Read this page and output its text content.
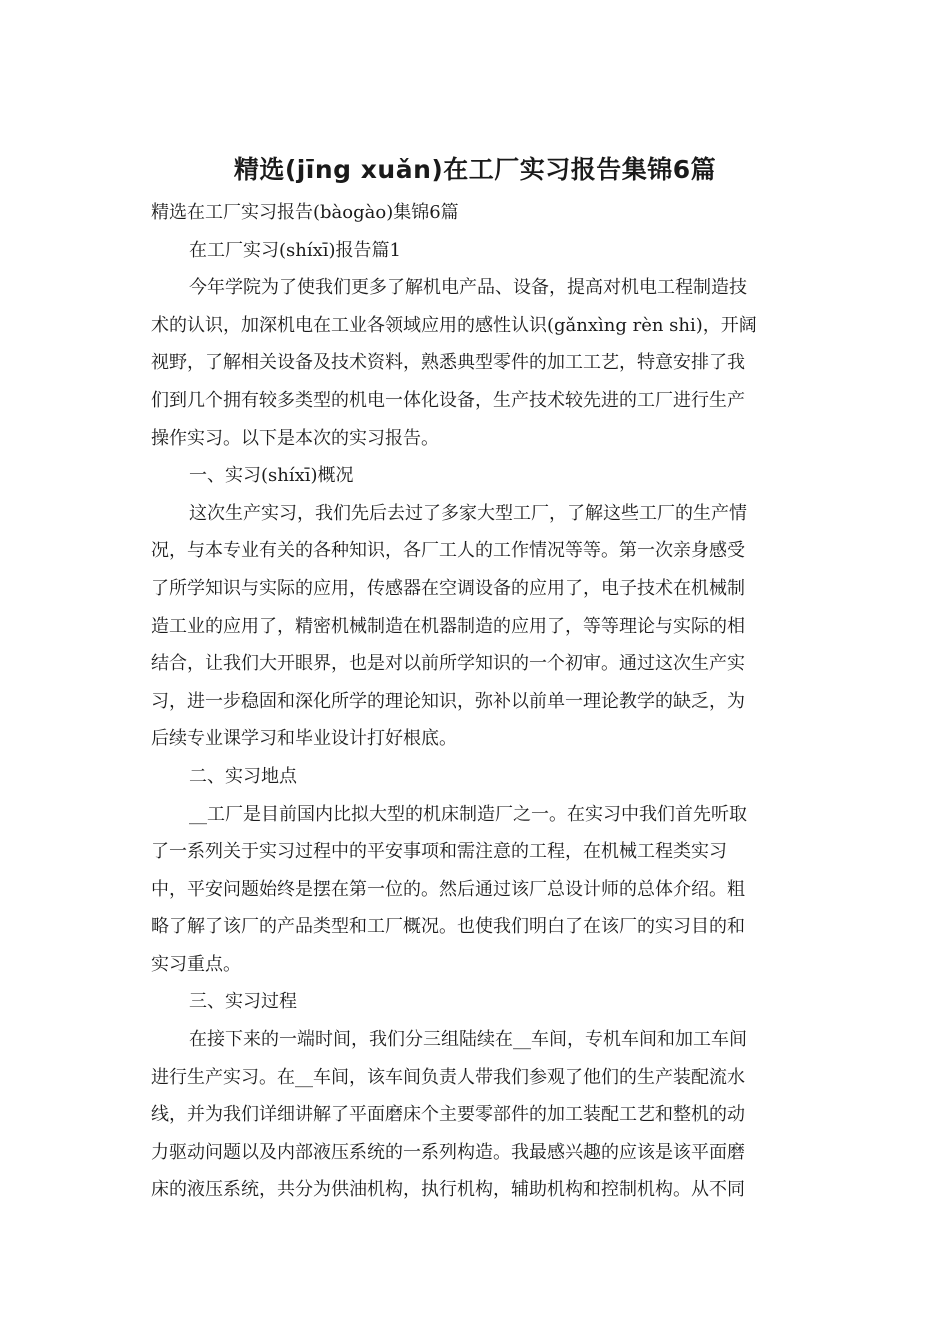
精选(jīng xuǎn)在工厂实习报告集锦6篇

精选在工厂实习报告(bàogào)集锦6篇

在工厂实习(shíxī)报告篇1

今年学院为了使我们更多了解机电产品、设备，提高对机电工程制造技
术的认识，加深机电在工业各领域应用的感性认识(gǎnxìng rèn shi)，开阔
视野，了解相关设备及技术资料，熟悉典型零件的加工工艺，特意安排了我
们到几个拥有较多类型的机电一体化设备，生产技术较先进的工厂进行生产
操作实习。以下是本次的实习报告。

一、实习(shíxī)概况

这次生产实习，我们先后去过了多家大型工厂，了解这些工厂的生产情
况，与本专业有关的各种知识，各厂工人的工作情况等等。第一次亲身感受
了所学知识与实际的应用，传感器在空调设备的应用了，电子技术在机械制
造工业的应用了，精密机械制造在机器制造的应用了，等等理论与实际的相
结合，让我们大开眼界，也是对以前所学知识的一个初审。通过这次生产实
习，进一步稳固和深化所学的理论知识，弥补以前单一理论教学的缺乏，为
后续专业课学习和毕业设计打好根底。

二、实习地点

__工厂是目前国内比拟大型的机床制造厂之一。在实习中我们首先听取
了一系列关于实习过程中的平安事项和需注意的工程，在机械工程类实习
中，平安问题始终是摆在第一位的。然后通过该厂总设计师的总体介绍。粗
略了解了该厂的产品类型和工厂概况。也使我们明白了在该厂的实习目的和
实习重点。

三、实习过程

在接下来的一端时间，我们分三组陆续在__车间，专机车间和加工车间
进行生产实习。在__车间，该车间负责人带我们参观了他们的生产装配流水
线，并为我们详细讲解了平面磨床个主要零部件的加工装配工艺和整机的动
力驱动问题以及内部液压系统的一系列构造。我最感兴趣的应该是该平面磨
床的液压系统，共分为供油机构，执行机构，辅助机构和控制机构。从不同
